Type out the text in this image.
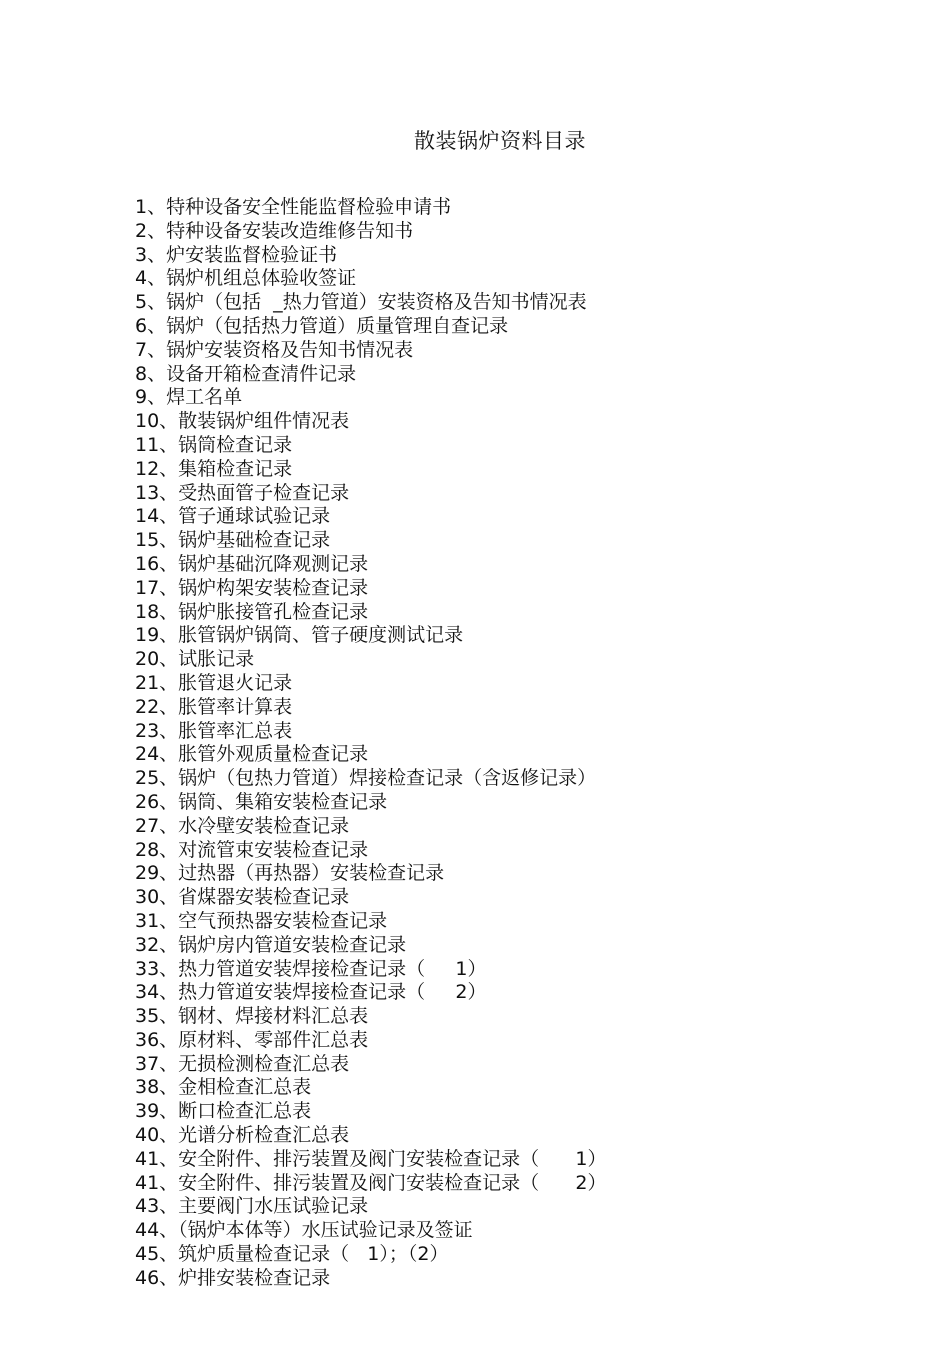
散装锅炉资料目录
1、特种设备安全性能监督检验申请书
2、特种设备安装改造维修告知书
3、炉安装监督检验证书
4、锅炉机组总体验收签证
5、锅炉（包括  _热力管道）安装资格及告知书情况表
6、锅炉（包括热力管道）质量管理自查记录
7、锅炉安装资格及告知书情况表
8、设备开箱检查清件记录
9、焊工名单
10、散装锅炉组件情况表
11、锅筒检查记录
12、集箱检查记录
13、受热面管子检查记录
14、管子通球试验记录
15、锅炉基础检查记录
16、锅炉基础沉降观测记录
17、锅炉构架安装检查记录
18、锅炉胀接管孔检查记录
19、胀管锅炉锅筒、管子硬度测试记录
20、试胀记录
21、胀管退火记录
22、胀管率计算表
23、胀管率汇总表
24、胀管外观质量检查记录
25、锅炉（包热力管道）焊接检查记录（含返修记录）
26、锅筒、集箱安装检查记录
27、水冷壁安装检查记录
28、对流管束安装检查记录
29、过热器（再热器）安装检查记录
30、省煤器安装检查记录
31、空气预热器安装检查记录
32、锅炉房内管道安装检查记录
33、热力管道安装焊接检查记录（     1）
34、热力管道安装焊接检查记录（     2）
35、钢材、焊接材料汇总表
36、原材料、零部件汇总表
37、无损检测检查汇总表
38、金相检查汇总表
39、断口检查汇总表
40、光谱分析检查汇总表
41、安全附件、排污装置及阀门安装检查记录（      1）
41、安全附件、排污装置及阀门安装检查记录（      2）
43、主要阀门水压试验记录
44、（锅炉本体等）水压试验记录及签证
45、筑炉质量检查记录（   1）；（2）
46、炉排安装检查记录
